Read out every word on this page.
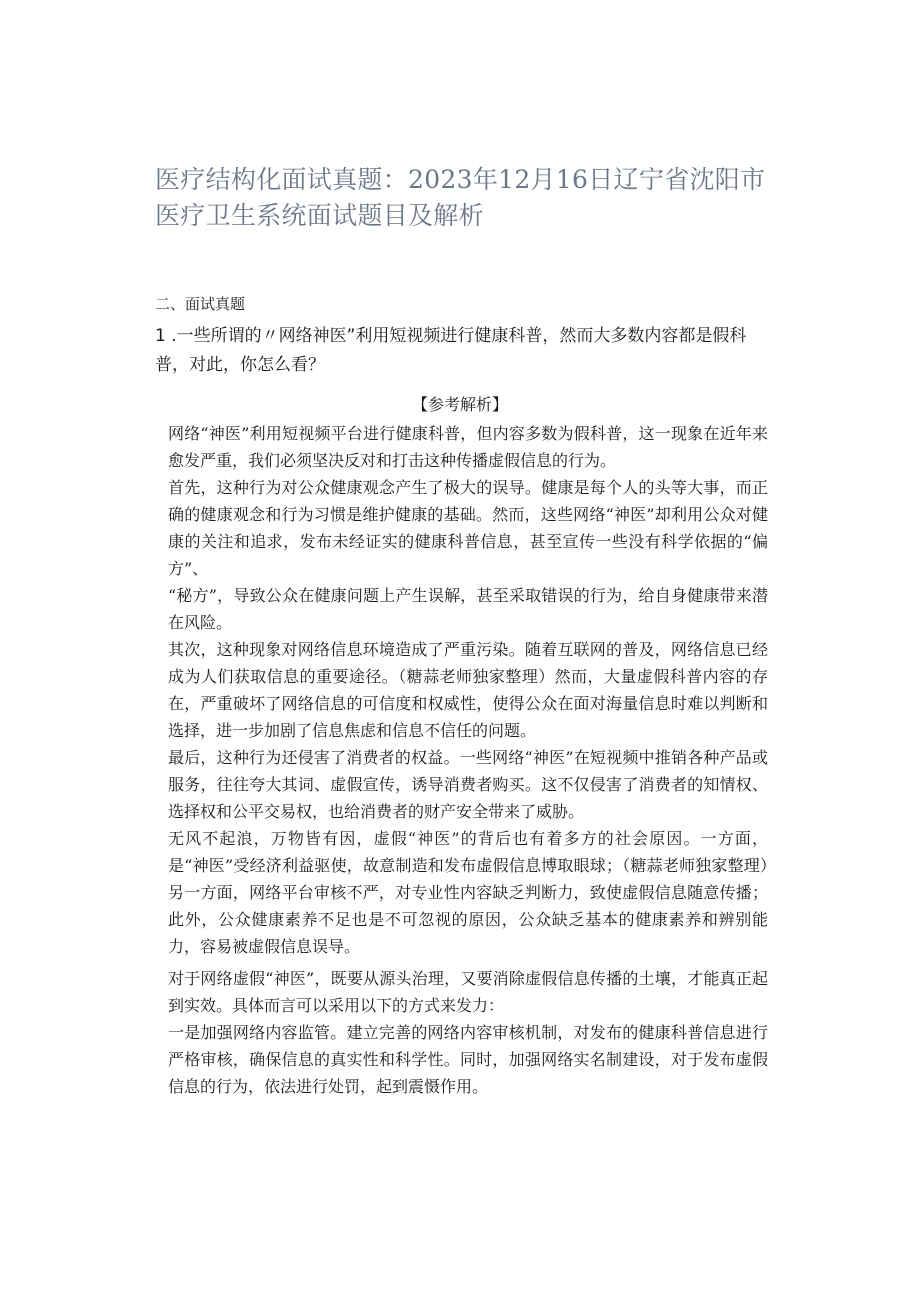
医疗结构化面试真题：2023年12月16日辽宁省沈阳市医疗卫生系统面试题目及解析

二、面试真题

1 .一些所谓的〃网络神医”利用短视频进行健康科普，然而大多数内容都是假科普，对此，你怎么看？

【参考解析】

网络“神医”利用短视频平台进行健康科普，但内容多数为假科普，这一现象在近年来愈发严重，我们必须坚决反对和打击这种传播虚假信息的行为。

首先，这种行为对公众健康观念产生了极大的误导。健康是每个人的头等大事，而正确的健康观念和行为习惯是维护健康的基础。然而，这些网络“神医”却利用公众对健康的关注和追求，发布未经证实的健康科普信息，甚至宣传一些没有科学依据的“偏方”、

“秘方”，导致公众在健康问题上产生误解，甚至采取错误的行为，给自身健康带来潜在风险。

其次，这种现象对网络信息环境造成了严重污染。随着互联网的普及，网络信息已经成为人们获取信息的重要途径。（糖蒜老师独家整理）然而，大量虚假科普内容的存在，严重破坏了网络信息的可信度和权威性，使得公众在面对海量信息时难以判断和选择，进一步加剧了信息焦虑和信息不信任的问题。

最后，这种行为还侵害了消费者的权益。一些网络“神医”在短视频中推销各种产品或服务，往往夸大其词、虚假宣传，诱导消费者购买。这不仅侵害了消费者的知情权、选择权和公平交易权，也给消费者的财产安全带来了威胁。

无风不起浪，万物皆有因，虚假“神医”的背后也有着多方的社会原因。一方面，是“神医”受经济利益驱使，故意制造和发布虚假信息博取眼球；（糖蒜老师独家整理）另一方面，网络平台审核不严，对专业性内容缺乏判断力，致使虚假信息随意传播；此外，公众健康素养不足也是不可忽视的原因，公众缺乏基本的健康素养和辨别能力，容易被虚假信息误导。

对于网络虚假“神医”，既要从源头治理，又要消除虚假信息传播的土壤，才能真正起到实效。具体而言可以采用以下的方式来发力：

一是加强网络内容监管。建立完善的网络内容审核机制，对发布的健康科普信息进行严格审核，确保信息的真实性和科学性。同时，加强网络实名制建设，对于发布虚假信息的行为，依法进行处罚，起到震慑作用。
